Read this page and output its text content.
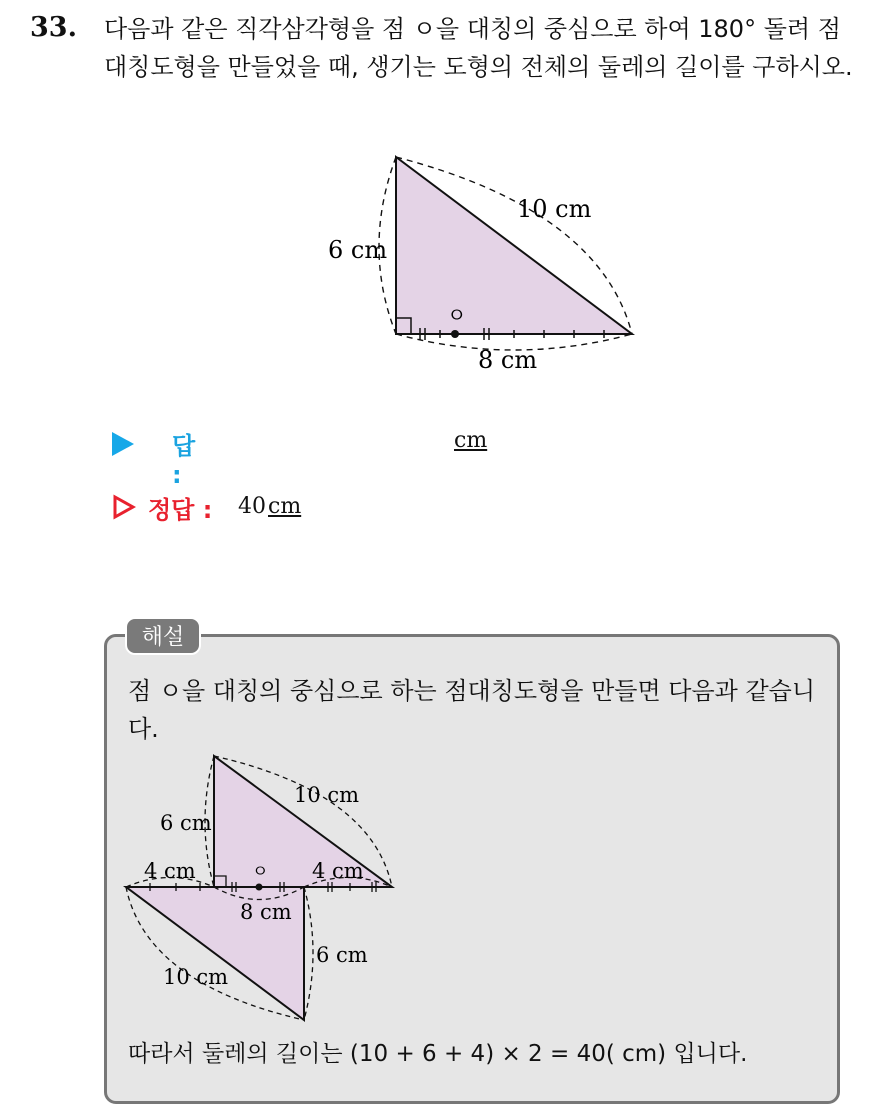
33. 다음과 같은 직각삼각형을 점 ㅇ을 대칭의 중심으로 하여 180° 돌려 점대칭도형을 만들었을 때, 생기는 도형의 전체의 둘레의 길이를 구하시오.
ㅇ
10 cm
6 cm
8 cm
답 :
cm
정답 : 40cm
해설
점 ㅇ을 대칭의 중심으로 하는 점대칭도형을 만들면 다음과 같습니다.
ㅇ
10 cm
6 cm
4 cm	4 cm
8 cm
6 cm
10 cm
따라서 둘레의 길이는 (10 + 6 + 4) × 2 = 40( cm) 입니다.
